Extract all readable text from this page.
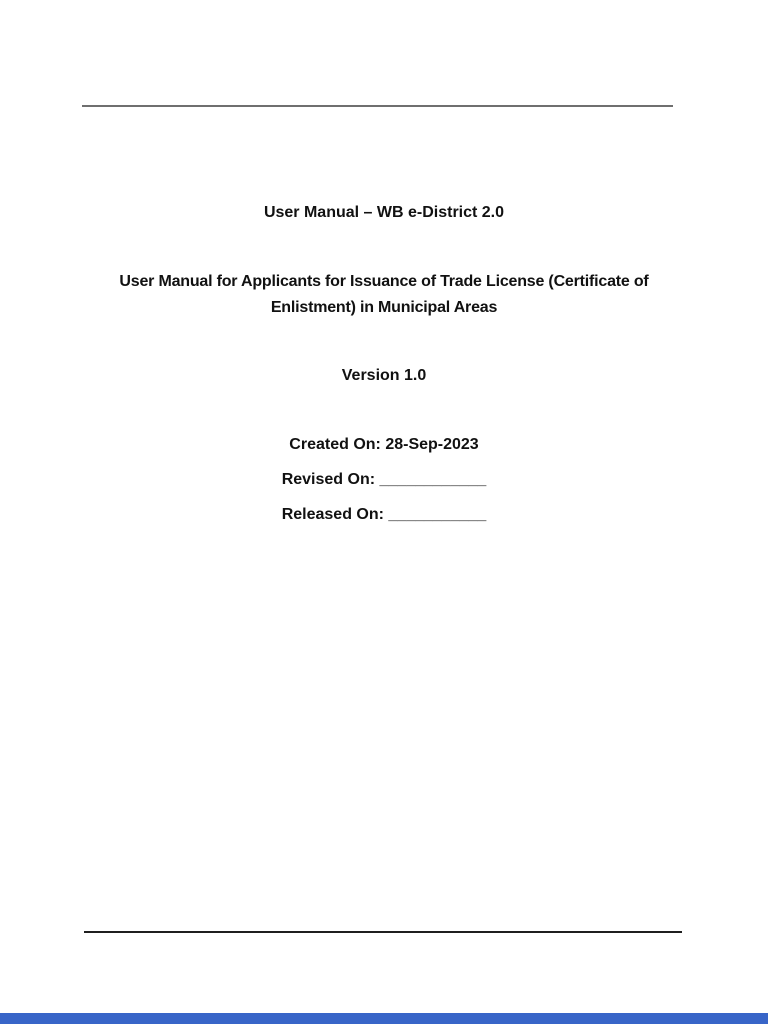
User Manual – WB e-District 2.0
User Manual for Applicants for Issuance of Trade License (Certificate of
Enlistment) in Municipal Areas
Version 1.0
Created On: 28-Sep-2023
Revised On: ____________
Released On: ___________
